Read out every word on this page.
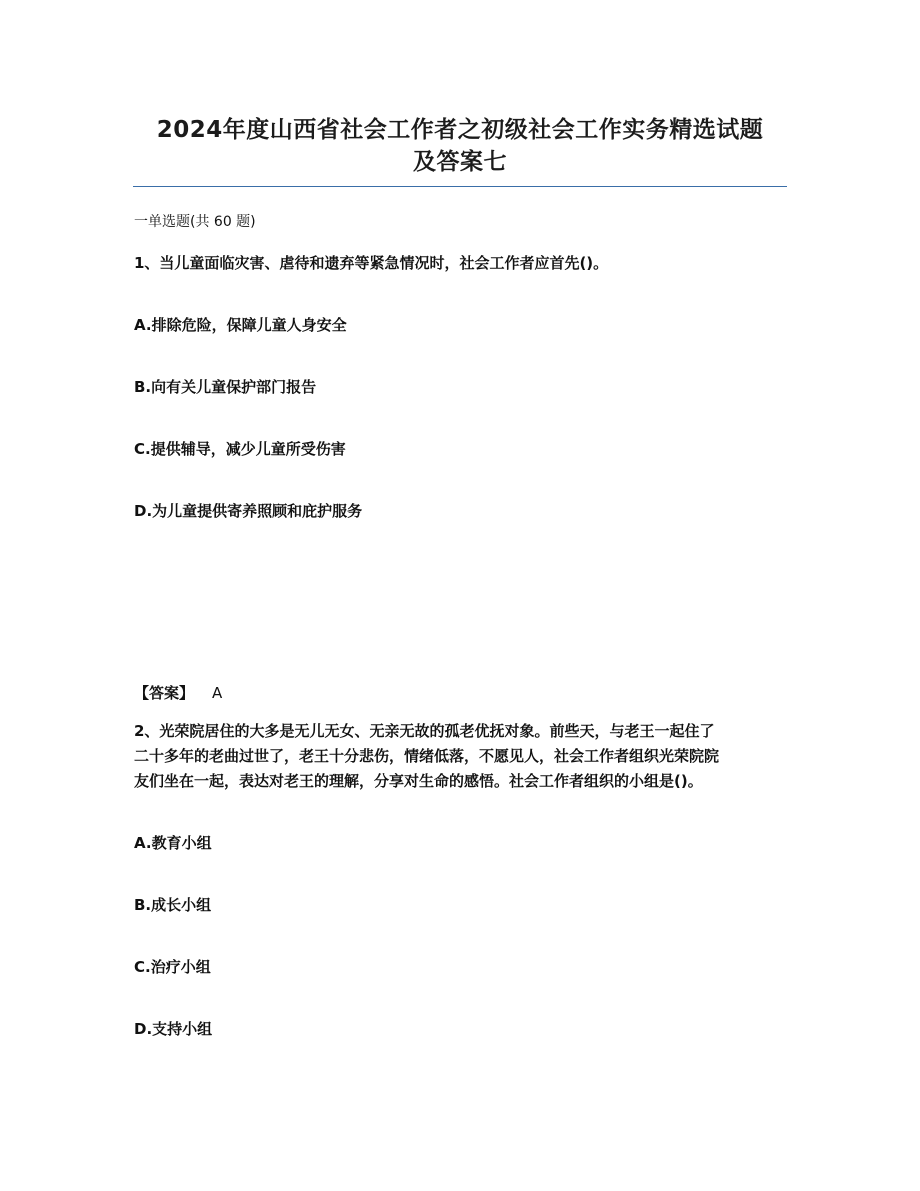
2024年度山西省社会工作者之初级社会工作实务精选试题
及答案七
一单选题(共 60 题)
1、当儿童面临灾害、虐待和遗弃等紧急情况时，社会工作者应首先()。
A.排除危险，保障儿童人身安全
B.向有关儿童保护部门报告
C.提供辅导，减少儿童所受伤害
D.为儿童提供寄养照顾和庇护服务
【答案】 A
2、光荣院居住的大多是无儿无女、无亲无故的孤老优抚对象。前些天，与老王一起住了
二十多年的老曲过世了，老王十分悲伤，情绪低落，不愿见人，社会工作者组织光荣院院
友们坐在一起，表达对老王的理解，分享对生命的感悟。社会工作者组织的小组是()。
A.教育小组
B.成长小组
C.治疗小组
D.支持小组
